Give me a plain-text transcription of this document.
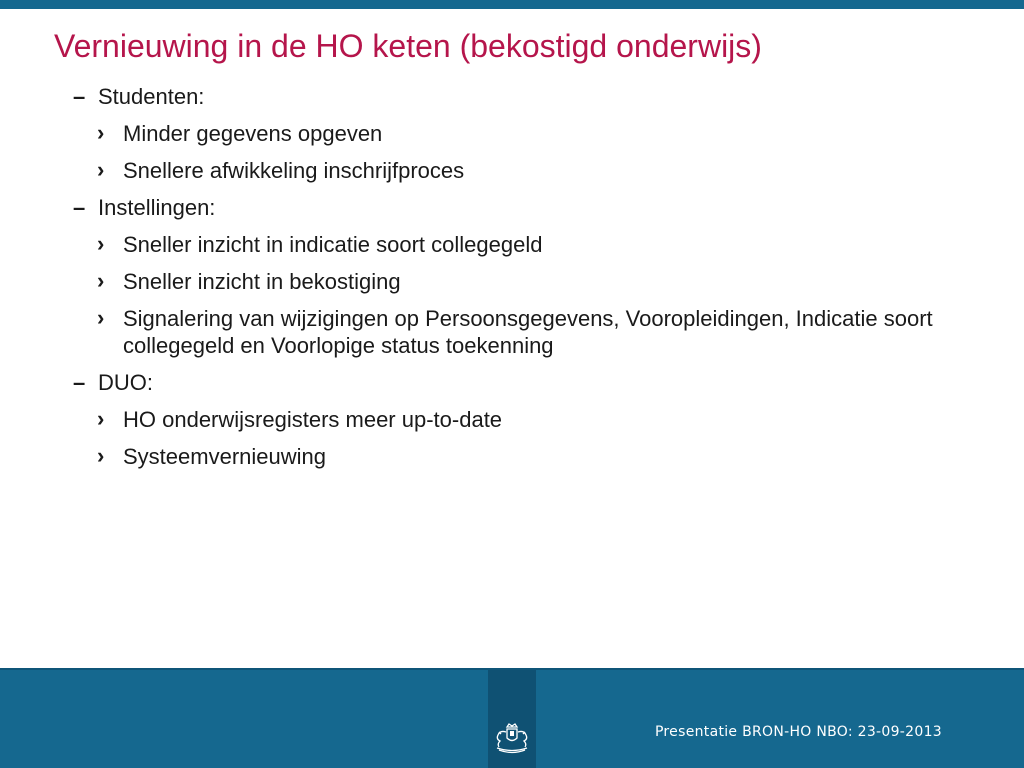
Vernieuwing in de HO keten (bekostigd onderwijs)
– Studenten:
› Minder gegevens opgeven
› Snellere afwikkeling inschrijfproces
– Instellingen:
› Sneller inzicht in indicatie soort collegegeld
› Sneller inzicht in bekostiging
› Signalering van wijzigingen op Persoonsgegevens, Vooropleidingen, Indicatie soort collegegeld en Voorlopige status toekenning
– DUO:
› HO onderwijsregisters meer up-to-date
› Systeemvernieuwing
Presentatie BRON-HO NBO: 23-09-2013
